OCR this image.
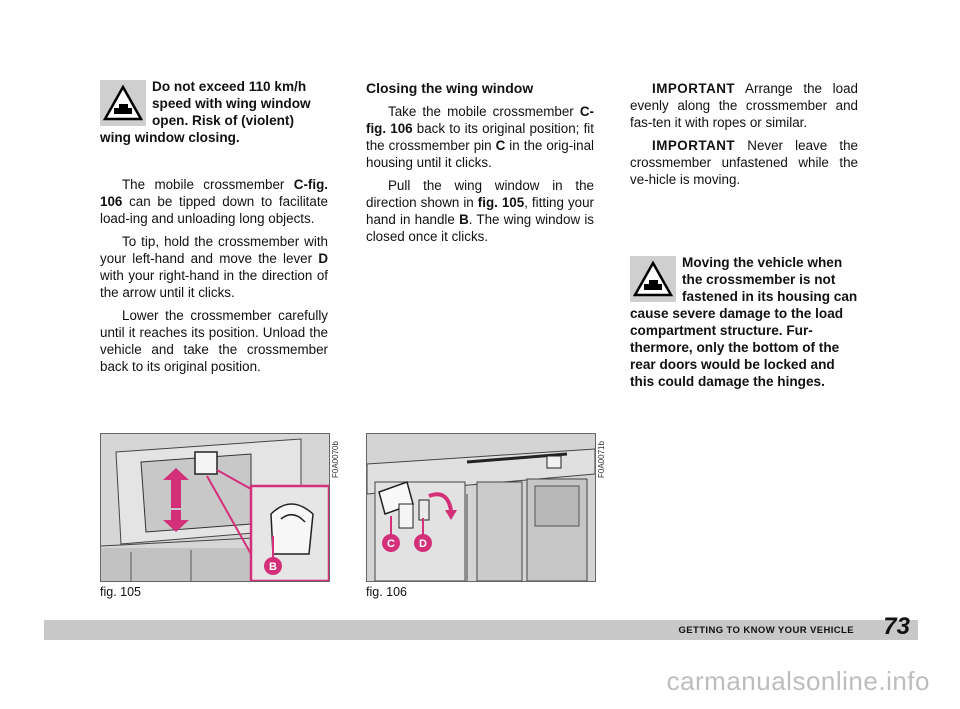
Do not exceed 110 km/h speed with wing window open. Risk of (violent) wing window closing.

The mobile crossmember C-fig. 106 can be tipped down to facilitate load-ing and unloading long objects.

To tip, hold the crossmember with your left-hand and move the lever D with your right-hand in the direction of the arrow until it clicks.

Lower the crossmember carefully until it reaches its position. Unload the vehicle and take the crossmember back to its original position.

Closing the wing window

Take the mobile crossmember C-fig. 106 back to its original position; fit the crossmember pin C in the orig-inal housing until it clicks.

Pull the wing window in the direction shown in fig. 105, fitting your hand in handle B. The wing window is closed once it clicks.

IMPORTANT Arrange the load evenly along the crossmember and fas-ten it with ropes or similar.

IMPORTANT Never leave the crossmember unfastened while the ve-hicle is moving.

Moving the vehicle when the crossmember is not fastened in its housing can cause severe damage to the load compartment structure. Fur-thermore, only the bottom of the rear doors would be locked and this could damage the hinges.
B
F0A0070b
fig. 105
C D
F0A0071b
fig. 106
GETTING TO KNOW YOUR VEHICLE 73
carmanualsonline.info
